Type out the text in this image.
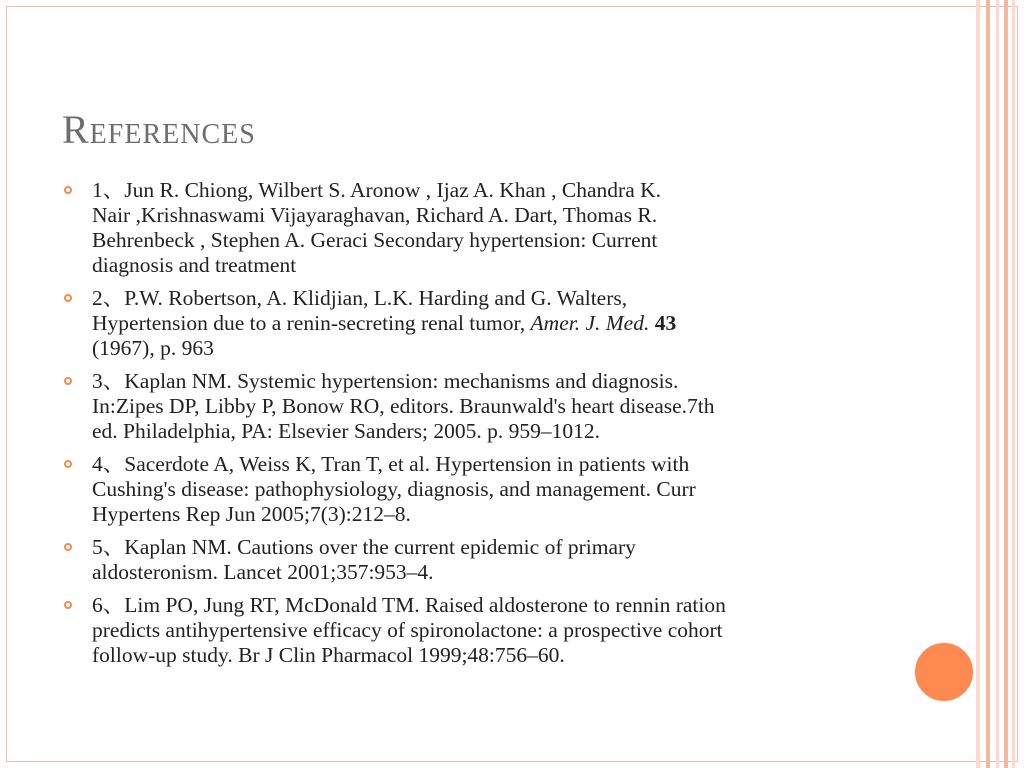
References
1、Jun R. Chiong, Wilbert S. Aronow , Ijaz A. Khan , Chandra K.
Nair ,Krishnaswami Vijayaraghavan, Richard A. Dart, Thomas R.
Behrenbeck , Stephen A. Geraci Secondary hypertension: Current
diagnosis and treatment
2、P.W. Robertson, A. Klidjian, L.K. Harding and G. Walters,
Hypertension due to a renin-secreting renal tumor, Amer. J. Med. 43
(1967), p. 963
3、Kaplan NM. Systemic hypertension: mechanisms and diagnosis.
In:Zipes DP, Libby P, Bonow RO, editors. Braunwald's heart disease.7th
ed. Philadelphia, PA: Elsevier Sanders; 2005. p. 959–1012.
4、Sacerdote A, Weiss K, Tran T, et al. Hypertension in patients with
Cushing's disease: pathophysiology, diagnosis, and management. Curr
Hypertens Rep Jun 2005;7(3):212–8.
5、Kaplan NM. Cautions over the current epidemic of primary
aldosteronism. Lancet 2001;357:953–4.
6、Lim PO, Jung RT, McDonald TM. Raised aldosterone to rennin ration
predicts antihypertensive efficacy of spironolactone: a prospective cohort
follow-up study. Br J Clin Pharmacol 1999;48:756–60.
